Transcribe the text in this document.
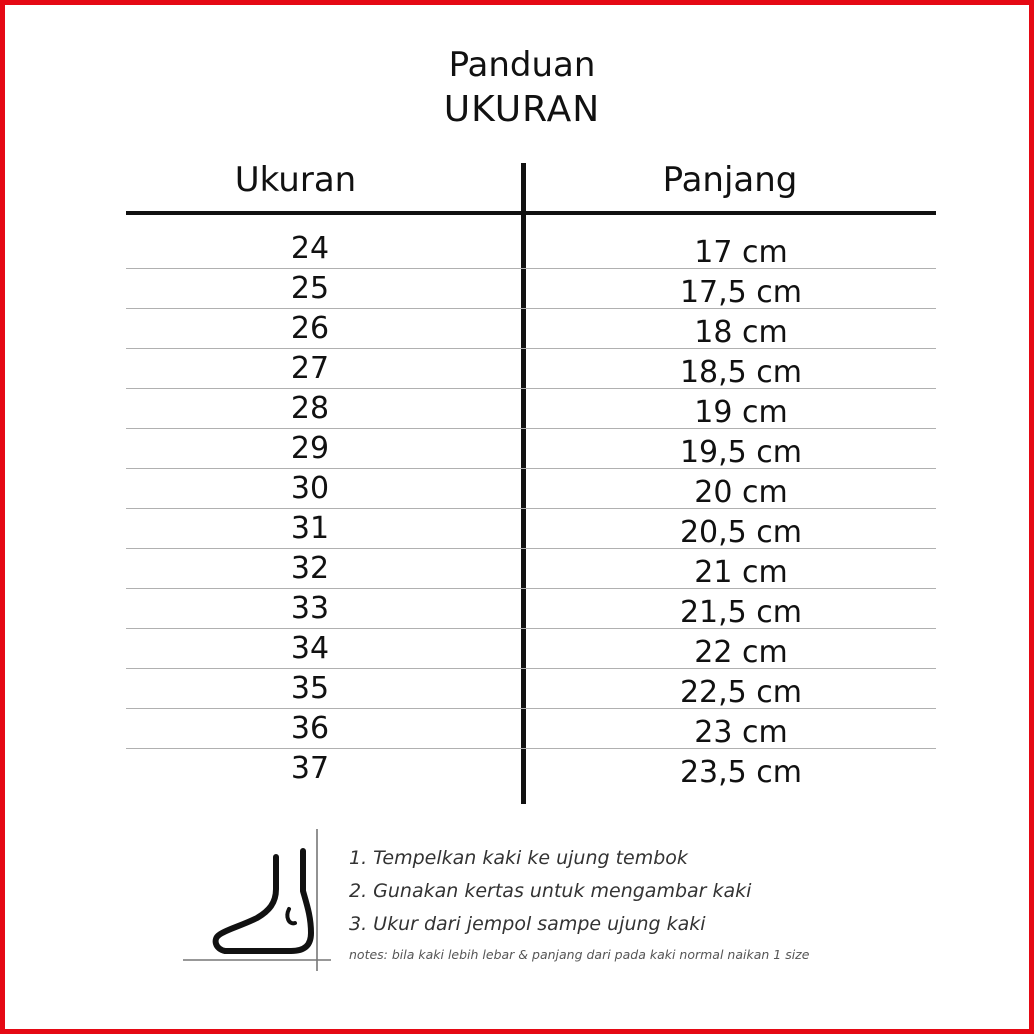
Panduan
UKURAN
Ukuran	Panjang
24	17 cm
25	17,5 cm
26	18 cm
27	18,5 cm
28	19 cm
29	19,5 cm
30	20 cm
31	20,5 cm
32	21 cm
33	21,5 cm
34	22 cm
35	22,5 cm
36	23 cm
37	23,5 cm
1. Tempelkan kaki ke ujung tembok
2. Gunakan kertas untuk mengambar kaki
3. Ukur dari jempol sampe ujung kaki
notes: bila kaki lebih lebar & panjang dari pada kaki normal naikan 1 size
